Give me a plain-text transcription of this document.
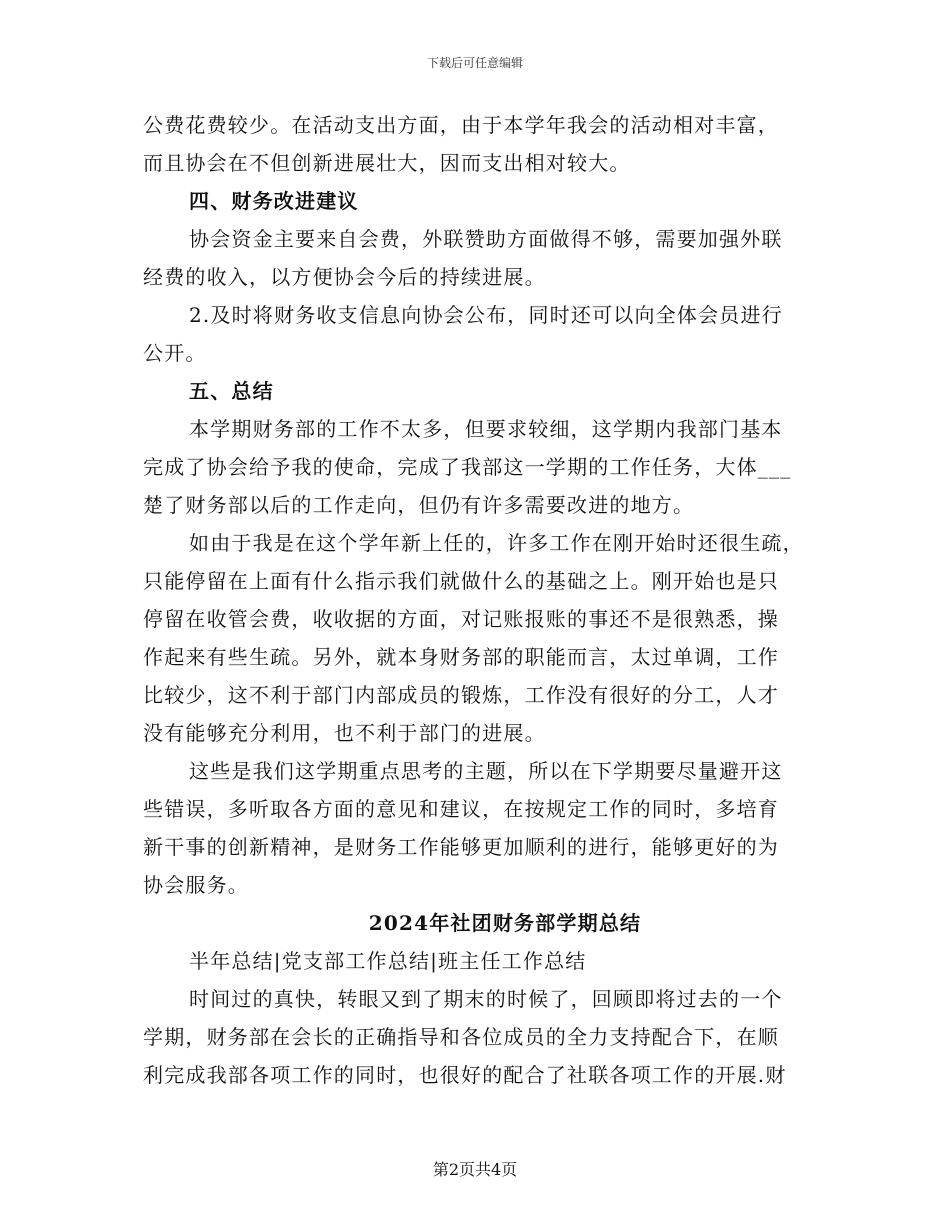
下载后可任意编辑
公费花费较少。在活动支出方面，由于本学年我会的活动相对丰富，
而且协会在不但创新进展壮大，因而支出相对较大。
四、财务改进建议
协会资金主要来自会费，外联赞助方面做得不够，需要加强外联
经费的收入，以方便协会今后的持续进展。
2.及时将财务收支信息向协会公布，同时还可以向全体会员进行
公开。
五、总结
本学期财务部的工作不太多，但要求较细，这学期内我部门基本
完成了协会给予我的使命，完成了我部这一学期的工作任务，大体___
楚了财务部以后的工作走向，但仍有许多需要改进的地方。
如由于我是在这个学年新上任的，许多工作在刚开始时还很生疏，
只能停留在上面有什么指示我们就做什么的基础之上。刚开始也是只
停留在收管会费，收收据的方面，对记账报账的事还不是很熟悉，操
作起来有些生疏。另外，就本身财务部的职能而言，太过单调，工作
比较少，这不利于部门内部成员的锻炼，工作没有很好的分工，人才
没有能够充分利用，也不利于部门的进展。
这些是我们这学期重点思考的主题，所以在下学期要尽量避开这
些错误，多听取各方面的意见和建议，在按规定工作的同时，多培育
新干事的创新精神，是财务工作能够更加顺利的进行，能够更好的为
协会服务。
2024年社团财务部学期总结
半年总结|党支部工作总结|班主任工作总结
时间过的真快，转眼又到了期末的时候了，回顾即将过去的一个
学期，财务部在会长的正确指导和各位成员的全力支持配合下，在顺
利完成我部各项工作的同时，也很好的配合了社联各项工作的开展.财
第2页共4页
